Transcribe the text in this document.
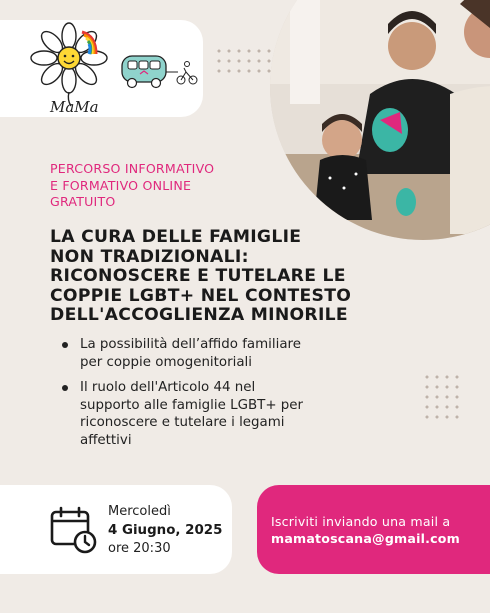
MaMa
PERCORSO INFORMATIVO
E FORMATIVO ONLINE
GRATUITO
LA CURA DELLE FAMIGLIE
NON TRADIZIONALI:
RICONOSCERE E TUTELARE LE
COPPIE LGBT+ NEL CONTESTO
DELL'ACCOGLIENZA MINORILE
La possibilità dell’affido familiare
per coppie omogenitoriali
Il ruolo dell'Articolo 44 nel
supporto alle famiglie LGBT+ per
riconoscere e tutelare i legami
affettivi
Mercoledì
4 Giugno, 2025
ore 20:30
Iscriviti inviando una mail a
mamatoscana@gmail.com
